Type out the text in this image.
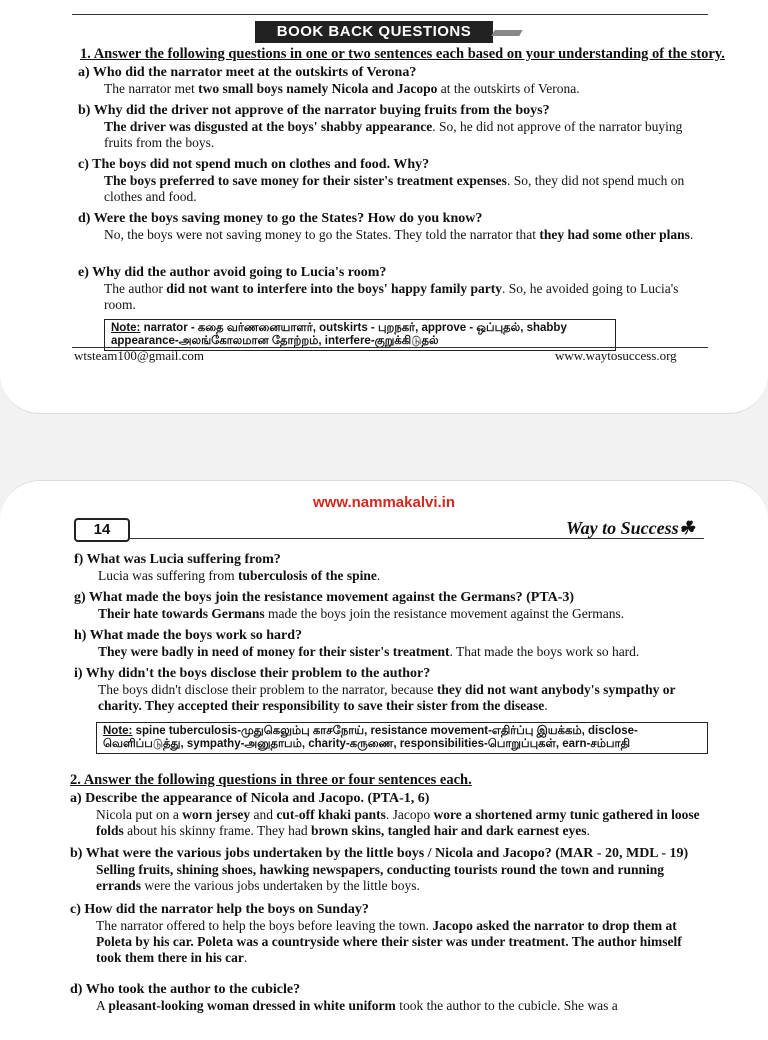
BOOK BACK QUESTIONS
1. Answer the following questions in one or two sentences each based on your understanding of the story.
a) Who did the narrator meet at the outskirts of Verona?
The narrator met two small boys namely Nicola and Jacopo at the outskirts of Verona.
b) Why did the driver not approve of the narrator buying fruits from the boys?
The driver was disgusted at the boys' shabby appearance. So, he did not approve of the narrator buying fruits from the boys.
c) The boys did not spend much on clothes and food. Why?
The boys preferred to save money for their sister's treatment expenses. So, they did not spend much on clothes and food.
d) Were the boys saving money to go the States? How do you know?
No, the boys were not saving money to go the States. They told the narrator that they had some other plans.
e) Why did the author avoid going to Lucia's room?
The author did not want to interfere into the boys' happy family party. So, he avoided going to Lucia's room.
Note: narrator - கதை வர்ணனையாளர், outskirts - புறநகர், approve - ஒப்புதல், shabby appearance-அலங்கோலமான தோற்றம், interfere-குறுக்கிடுதல்
wtsteam100@gmail.com	www.waytosuccess.org
www.nammakalvi.in
14	Way to Success☘
f) What was Lucia suffering from?
Lucia was suffering from tuberculosis of the spine.
g) What made the boys join the resistance movement against the Germans? (PTA-3)
Their hate towards Germans made the boys join the resistance movement against the Germans.
h) What made the boys work so hard?
They were badly in need of money for their sister's treatment. That made the boys work so hard.
i) Why didn't the boys disclose their problem to the author?
The boys didn't disclose their problem to the narrator, because they did not want anybody's sympathy or charity. They accepted their responsibility to save their sister from the disease.
Note: spine tuberculosis-முதுகெலும்பு காசநோய், resistance movement-எதிர்ப்பு இயக்கம், disclose-வெளிப்படுத்து, sympathy-அனுதாபம், charity-கருணை, responsibilities-பொறுப்புகள், earn-சம்பாதி
2. Answer the following questions in three or four sentences each.
a) Describe the appearance of Nicola and Jacopo. (PTA-1, 6)
Nicola put on a worn jersey and cut-off khaki pants. Jacopo wore a shortened army tunic gathered in loose folds about his skinny frame. They had brown skins, tangled hair and dark earnest eyes.
b) What were the various jobs undertaken by the little boys / Nicola and Jacopo? (MAR - 20, MDL - 19)
Selling fruits, shining shoes, hawking newspapers, conducting tourists round the town and running errands were the various jobs undertaken by the little boys.
c) How did the narrator help the boys on Sunday?
The narrator offered to help the boys before leaving the town. Jacopo asked the narrator to drop them at Poleta by his car. Poleta was a countryside where their sister was under treatment. The author himself took them there in his car.
d) Who took the author to the cubicle?
A pleasant-looking woman dressed in white uniform took the author to the cubicle. She was a
